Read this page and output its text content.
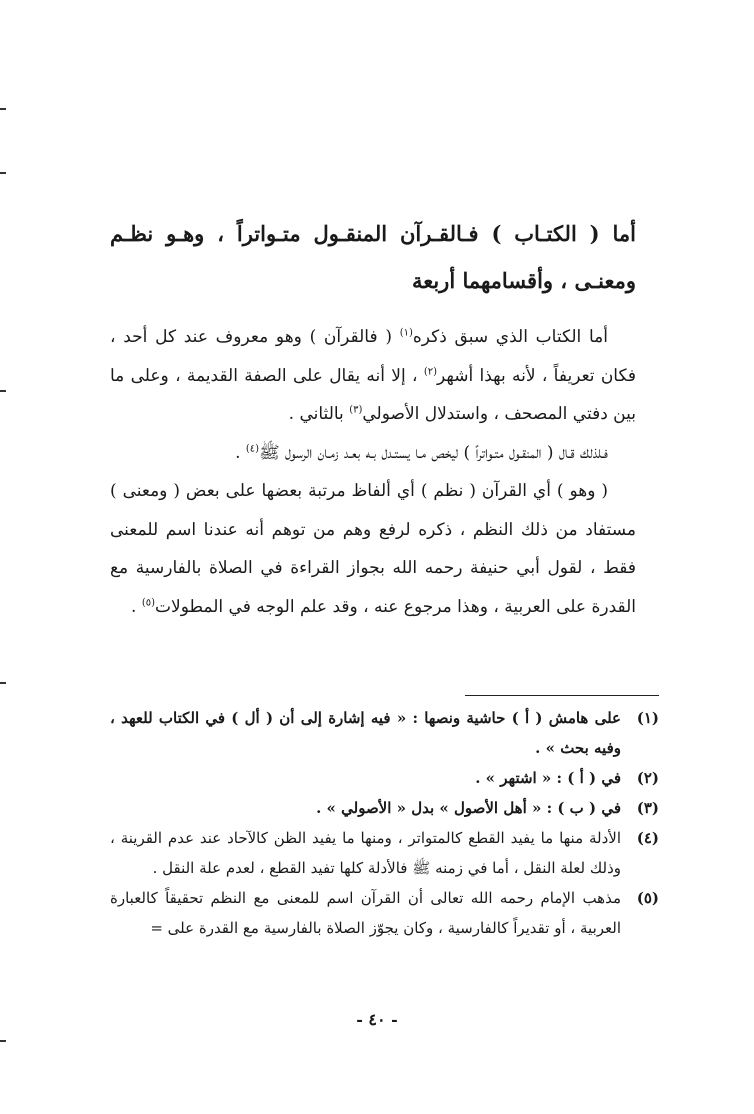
أما ( الكتـاب ) فـالقـرآن المنقـول متـواتراً ، وهـو نظـم ومعنـى ، وأقسامهما أربعة

أما الكتاب الذي سبق ذكره$^{(١)}$ ( فالقرآن ) وهو معروف عند كل أحد ، فكان تعريفاً ، لأنه بهذا أشهر$^{(٢)}$ ، إلا أنه يقال على الصفة القديمة ، وعلى ما بين دفتي المصحف ، واستدلال الأصولي$^{(٣)}$ بالثاني .

فـلذلك قـال ( المنقـول متـواتراً ) ليخص مـا يستـدل بـه بعـد زمـان الرسول ﷺ$^{(٤)}$ .

( وهو ) أي القرآن ( نظم ) أي ألفاظ مرتبة بعضها على بعض ( ومعنى ) مستفاد من ذلك النظم ، ذكره لرفع وهم من توهم أنه عندنا اسم للمعنى فقط ، لقول أبي حنيفة رحمه الله بجواز القراءة في الصلاة بالفارسية مع القدرة على العربية ، وهذا مرجوع عنه ، وقد علم الوجه في المطولات$^{(٥)}$ .

(١)
على هامش ( أ ) حاشية ونصها : « فيه إشارة إلى أن ( أل ) في الكتاب للعهد ، وفيه بحث » .
(٢)
في ( أ ) : « اشتهر » .
(٣)
في ( ب ) : « أهل الأصول » بدل « الأصولي » .
(٤)
الأدلة منها ما يفيد القطع كالمتواتر ، ومنها ما يفيد الظن كالآحاد عند عدم القرينة ، وذلك لعلة النقل ، أما في زمنه ﷺ فالأدلة كلها تفيد القطع ، لعدم علة النقل .
(٥)
مذهب الإمام رحمه الله تعالى أن القرآن اسم للمعنى مع النظم تحقيقاً كالعبارة العربية ، أو تقديراً كالفارسية ، وكان يجوّز الصلاة بالفارسية مع القدرة على =
- ٤٠ -
